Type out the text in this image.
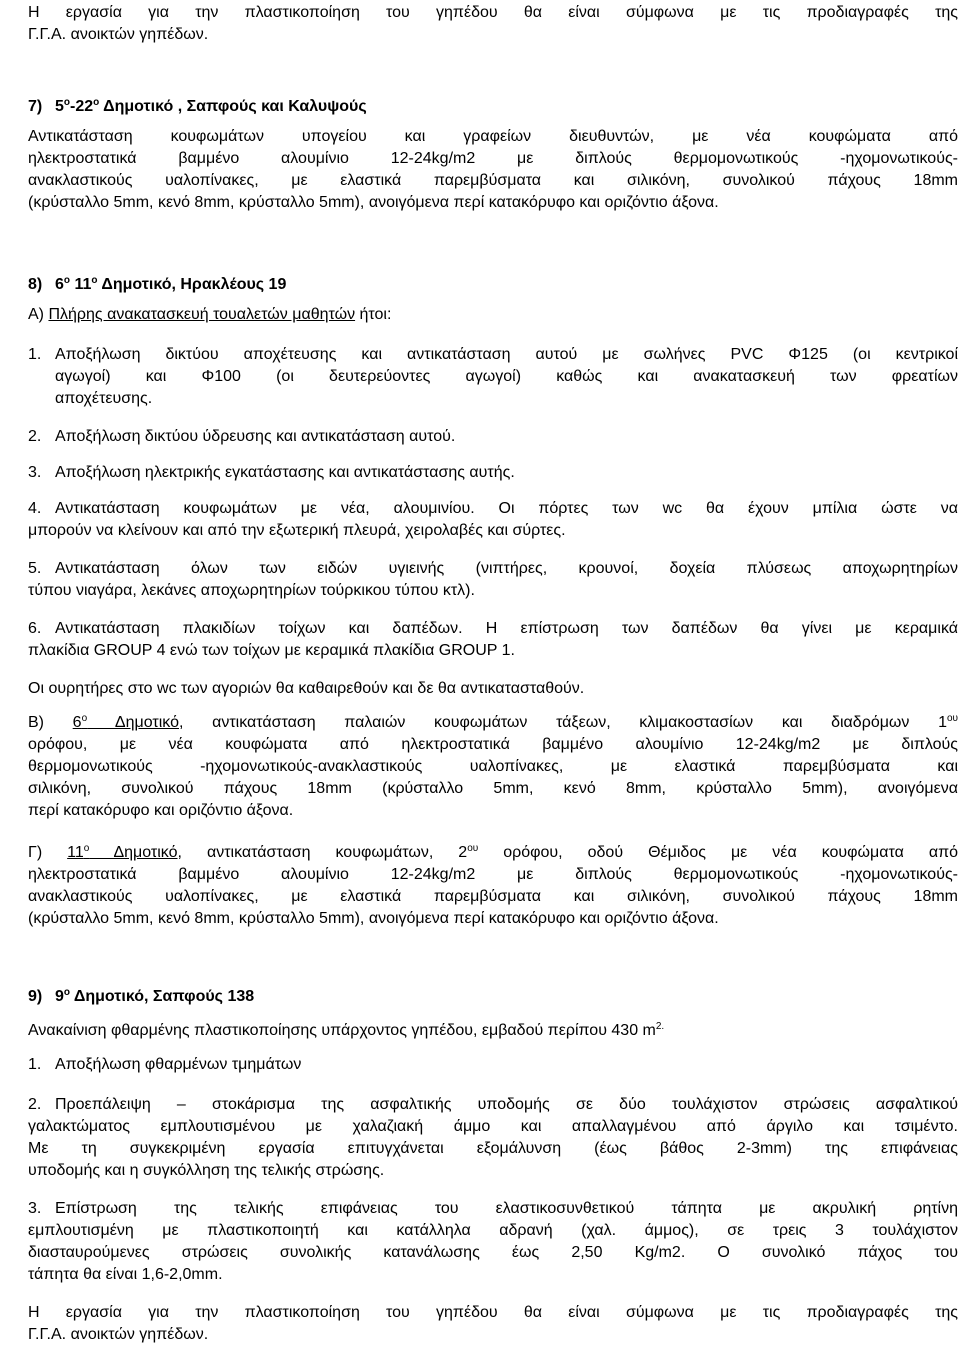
Η εργασία για την πλαστικοποίηση του γηπέδου θα είναι σύμφωνα με τις προδιαγραφές της

Γ.Γ.Α. ανοικτών γηπέδων.

7) $5^o-22^o$ Δημοτικό , Σαπφούς και Καλυψούς

Αντικατάσταση κουφωμάτων υπογείου και γραφείων διευθυντών, με νέα κουφώματα από

ηλεκτροστατικά βαμμένο αλουμίνιο 12-24kg/m2 με διπλούς θερμομονωτικούς -ηχομονωτικούς-

ανακλαστικούς υαλοπίνακες, με ελαστικά παρεμβύσματα και σιλικόνη, συνολικού πάχους 18mm

(κρύσταλλο 5mm, κενό 8mm, κρύσταλλο 5mm), ανοιγόμενα περί κατακόρυφο και οριζόντιο άξονα.

8) $6^o$ $11^o$ Δημοτικό, Ηρακλέους 19

Α) Πλήρης ανακατασκευή τουαλετών μαθητών ήτοι:

1. Αποξήλωση δικτύου αποχέτευσης και αντικατάσταση αυτού με σωλήνες PVC Φ125 (οι κεντρικοί

αγωγοί) και Φ100 (οι δευτερεύοντες αγωγοί) καθώς και ανακατασκευή των φρεατίων

αποχέτευσης.

2. Αποξήλωση δικτύου ύδρευσης και αντικατάσταση αυτού.

3. Αποξήλωση ηλεκτρικής εγκατάστασης και αντικατάστασης αυτής.

4. Αντικατάσταση κουφωμάτων με νέα, αλουμινίου. Οι πόρτες των wc θα έχουν μπίλια ώστε να

μπορούν να κλείνουν και από την εξωτερική πλευρά, χειρολαβές και σύρτες.

5. Αντικατάσταση όλων των ειδών υγιεινής (νιπτήρες, κρουνοί, δοχεία πλύσεως αποχωρητηρίων

τύπου νιαγάρα, λεκάνες αποχωρητηρίων τούρκικου τύπου κτλ).

6. Αντικατάσταση πλακιδίων τοίχων και δαπέδων. Η επίστρωση των δαπέδων θα γίνει με κεραμικά

πλακίδια GROUP 4 ενώ των τοίχων με κεραμικά πλακίδια GROUP 1.

Οι ουρητήρες στο wc των αγοριών θα καθαιρεθούν και δε θα αντικατασταθούν.

Β) $6^o$ Δημοτικό, αντικατάσταση παλαιών κουφωμάτων τάξεων, κλιμακοστασίων και διαδρόμων $1^{o\upsilon}$

ορόφου, με νέα κουφώματα από ηλεκτροστατικά βαμμένο αλουμίνιο 12-24kg/m2 με διπλούς

θερμομονωτικούς -ηχομονωτικούς-ανακλαστικούς υαλοπίνακες, με ελαστικά παρεμβύσματα και

σιλικόνη, συνολικού πάχους 18mm (κρύσταλλο 5mm, κενό 8mm, κρύσταλλο 5mm), ανοιγόμενα

περί κατακόρυφο και οριζόντιο άξονα.

Γ) $11^o$ Δημοτικό, αντικατάσταση κουφωμάτων, $2^{o\upsilon}$ ορόφου, οδού Θέμιδος με νέα κουφώματα από

ηλεκτροστατικά βαμμένο αλουμίνιο 12-24kg/m2 με διπλούς θερμομονωτικούς -ηχομονωτικούς-

ανακλαστικούς υαλοπίνακες, με ελαστικά παρεμβύσματα και σιλικόνη, συνολικού πάχους 18mm

(κρύσταλλο 5mm, κενό 8mm, κρύσταλλο 5mm), ανοιγόμενα περί κατακόρυφο και οριζόντιο άξονα.

9) $9^o$ Δημοτικό, Σαπφούς 138

Ανακαίνιση φθαρμένης πλαστικοποίησης υπάρχοντος γηπέδου, εμβαδού περίπου 430 $m^{2.}$

1. Αποξήλωση φθαρμένων τμημάτων

2. Προεπάλειψη – στοκάρισμα της ασφαλτικής υποδομής σε δύο τουλάχιστον στρώσεις ασφαλτικού

γαλακτώματος εμπλουτισμένου με χαλαζιακή άμμο και απαλλαγμένου από άργιλο και τσιμέντο.

Με τη συγκεκριμένη εργασία επιτυγχάνεται εξομάλυνση (έως βάθος 2-3mm) της επιφάνειας

υποδομής και η συγκόλληση της τελικής στρώσης.

3. Επίστρωση της τελικής επιφάνειας του ελαστικοσυνθετικού τάπητα με ακρυλική ρητίνη

εμπλουτισμένη με πλαστικοποιητή και κατάλληλα αδρανή (χαλ. άμμος), σε τρεις 3 τουλάχιστον

διασταυρούμενες στρώσεις συνολικής κατανάλωσης έως 2,50 Kg/m2. Ο συνολικό πάχος του

τάπητα θα είναι 1,6-2,0mm.

Η εργασία για την πλαστικοποίηση του γηπέδου θα είναι σύμφωνα με τις προδιαγραφές της

Γ.Γ.Α. ανοικτών γηπέδων.
